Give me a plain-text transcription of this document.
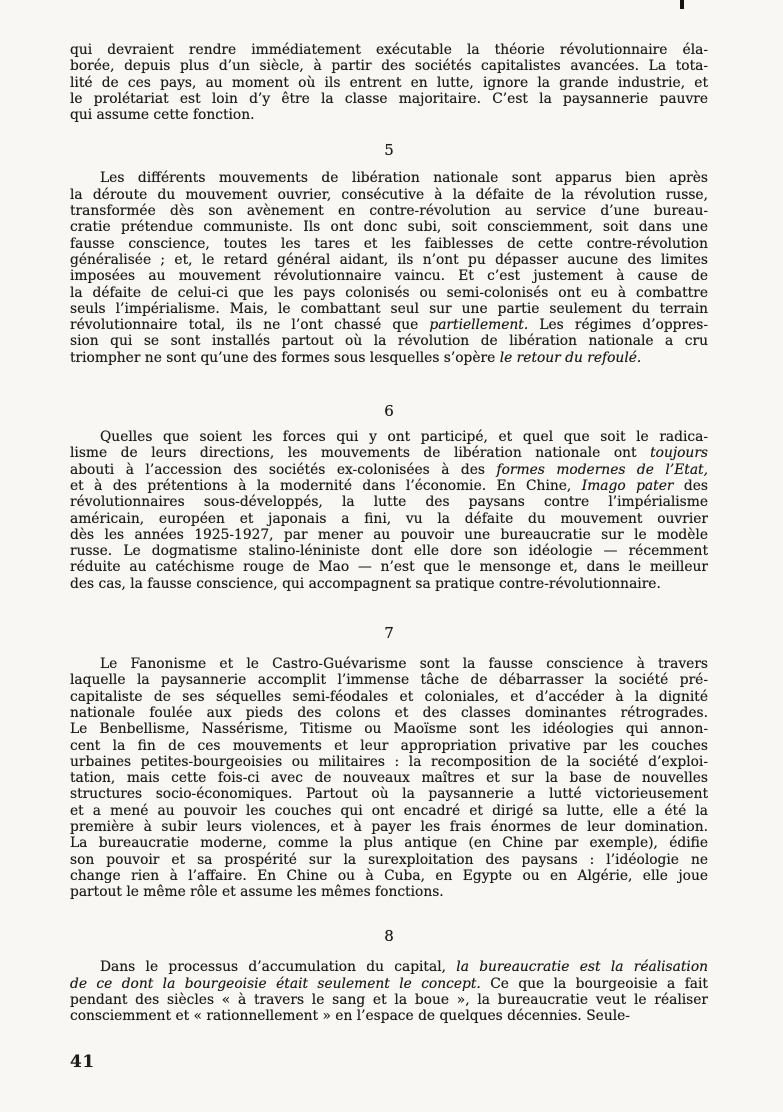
qui devraient rendre immédiatement exécutable la théorie révolutionnaire éla-
borée, depuis plus d’un siècle, à partir des sociétés capitalistes avancées. La tota-
lité de ces pays, au moment où ils entrent en lutte, ignore la grande industrie, et
le prolétariat est loin d’y être la classe majoritaire. C’est la paysannerie pauvre
qui assume cette fonction.

5

Les différents mouvements de libération nationale sont apparus bien après
la déroute du mouvement ouvrier, consécutive à la défaite de la révolution russe,
transformée dès son avènement en contre-révolution au service d’une bureau-
cratie prétendue communiste. Ils ont donc subi, soit consciemment, soit dans une
fausse conscience, toutes les tares et les faiblesses de cette contre-révolution
généralisée ; et, le retard général aidant, ils n’ont pu dépasser aucune des limites
imposées au mouvement révolutionnaire vaincu. Et c’est justement à cause de
la défaite de celui-ci que les pays colonisés ou semi-colonisés ont eu à combattre
seuls l’impérialisme. Mais, le combattant seul sur une partie seulement du terrain
révolutionnaire total, ils ne l’ont chassé que partiellement. Les régimes d’oppres-
sion qui se sont installés partout où la révolution de libération nationale a cru
triompher ne sont qu’une des formes sous lesquelles s’opère le retour du refoulé.

6

Quelles que soient les forces qui y ont participé, et quel que soit le radica-
lisme de leurs directions, les mouvements de libération nationale ont toujours
abouti à l’accession des sociétés ex-colonisées à des formes modernes de l’Etat,
et à des prétentions à la modernité dans l’économie. En Chine, Imago pater des
révolutionnaires sous-développés, la lutte des paysans contre l’impérialisme
américain, européen et japonais a fini, vu la défaite du mouvement ouvrier
dès les années 1925-1927, par mener au pouvoir une bureaucratie sur le modèle
russe. Le dogmatisme stalino-léniniste dont elle dore son idéologie — récemment
réduite au catéchisme rouge de Mao — n’est que le mensonge et, dans le meilleur
des cas, la fausse conscience, qui accompagnent sa pratique contre-révolutionnaire.

7

Le Fanonisme et le Castro-Guévarisme sont la fausse conscience à travers
laquelle la paysannerie accomplit l’immense tâche de débarrasser la société pré-
capitaliste de ses séquelles semi-féodales et coloniales, et d’accéder à la dignité
nationale foulée aux pieds des colons et des classes dominantes rétrogrades.
Le Benbellisme, Nassérisme, Titisme ou Maoïsme sont les idéologies qui annon-
cent la fin de ces mouvements et leur appropriation privative par les couches
urbaines petites-bourgeoisies ou militaires : la recomposition de la société d’exploi-
tation, mais cette fois-ci avec de nouveaux maîtres et sur la base de nouvelles
structures socio-économiques. Partout où la paysannerie a lutté victorieusement
et a mené au pouvoir les couches qui ont encadré et dirigé sa lutte, elle a été la
première à subir leurs violences, et à payer les frais énormes de leur domination.
La bureaucratie moderne, comme la plus antique (en Chine par exemple), édifie
son pouvoir et sa prospérité sur la surexploitation des paysans : l’idéologie ne
change rien à l’affaire. En Chine ou à Cuba, en Egypte ou en Algérie, elle joue
partout le même rôle et assume les mêmes fonctions.

8

Dans le processus d’accumulation du capital, la bureaucratie est la réalisation
de ce dont la bourgeoisie était seulement le concept. Ce que la bourgeoisie a fait
pendant des siècles « à travers le sang et la boue », la bureaucratie veut le réaliser
consciemment et « rationnellement » en l’espace de quelques décennies. Seule-

41
